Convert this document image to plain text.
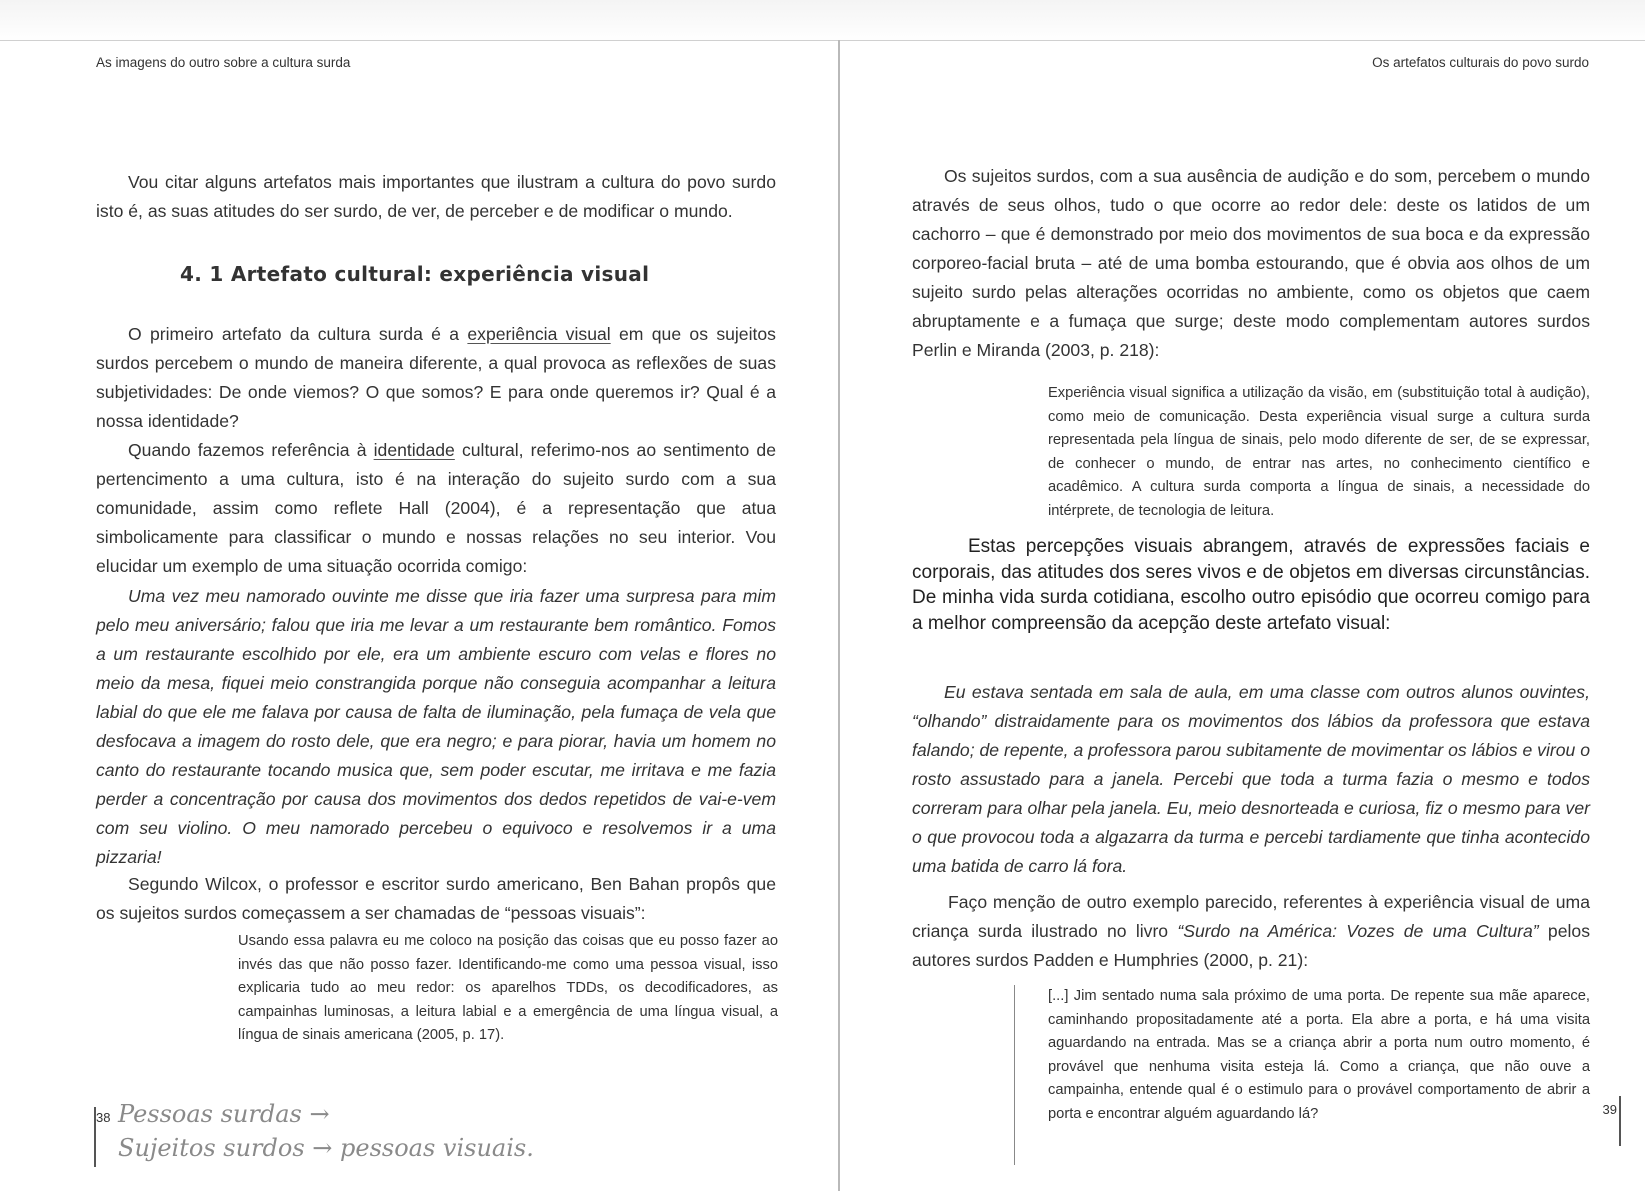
As imagens do outro sobre a cultura surda

Vou citar alguns artefatos mais importantes que ilustram a cultura do povo surdo isto é, as suas atitudes do ser surdo, de ver, de perceber e de modificar o mundo.

4. 1 Artefato cultural: experiência visual

O primeiro artefato da cultura surda é a experiência visual em que os sujeitos surdos percebem o mundo de maneira diferente, a qual provoca as reflexões de suas subjetividades: De onde viemos? O que somos? E para onde queremos ir? Qual é a nossa identidade?

Quando fazemos referência à identidade cultural, referimo-nos ao sentimento de pertencimento a uma cultura, isto é na interação do sujeito surdo com a sua comunidade, assim como reflete Hall (2004), é a representação que atua simbolicamente para classificar o mundo e nossas relações no seu interior. Vou elucidar um exemplo de uma situação ocorrida comigo:

Uma vez meu namorado ouvinte me disse que iria fazer uma surpresa para mim pelo meu aniversário; falou que iria me levar a um restaurante bem romântico. Fomos a um restaurante escolhido por ele, era um ambiente escuro com velas e flores no meio da mesa, fiquei meio constrangida porque não conseguia acompanhar a leitura labial do que ele me falava por causa de falta de iluminação, pela fumaça de vela que desfocava a imagem do rosto dele, que era negro; e para piorar, havia um homem no canto do restaurante tocando musica que, sem poder escutar, me irritava e me fazia perder a concentração por causa dos movimentos dos dedos repetidos de vai-e-vem com seu violino. O meu namorado percebeu o equivoco e resolvemos ir a uma pizzaria!

Segundo Wilcox, o professor e escritor surdo americano, Ben Bahan propôs que os sujeitos surdos começassem a ser chamadas de “pessoas visuais”:

Usando essa palavra eu me coloco na posição das coisas que eu posso fazer ao invés das que não posso fazer. Identificando-me como uma pessoa visual, isso explicaria tudo ao meu redor: os aparelhos TDDs, os decodificadores, as campainhas luminosas, a leitura labial e a emergência de uma língua visual, a língua de sinais americana (2005, p. 17).

38 Pessoas surdas →
Sujeitos surdos → pessoas visuais.
Os artefatos culturais do povo surdo

Os sujeitos surdos, com a sua ausência de audição e do som, percebem o mundo através de seus olhos, tudo o que ocorre ao redor dele: deste os latidos de um cachorro – que é demonstrado por meio dos movimentos de sua boca e da expressão corporeo-facial bruta – até de uma bomba estourando, que é obvia aos olhos de um sujeito surdo pelas alterações ocorridas no ambiente, como os objetos que caem abruptamente e a fumaça que surge; deste modo complementam autores surdos Perlin e Miranda (2003, p. 218):

Experiência visual significa a utilização da visão, em (substituição total à audição), como meio de comunicação. Desta experiência visual surge a cultura surda representada pela língua de sinais, pelo modo diferente de ser, de se expressar, de conhecer o mundo, de entrar nas artes, no conhecimento científico e acadêmico. A cultura surda comporta a língua de sinais, a necessidade do intérprete, de tecnologia de leitura.

Estas percepções visuais abrangem, através de expressões faciais e corporais, das atitudes dos seres vivos e de objetos em diversas circunstâncias. De minha vida surda cotidiana, escolho outro episódio que ocorreu comigo para a melhor compreensão da acepção deste artefato visual:

Eu estava sentada em sala de aula, em uma classe com outros alunos ouvintes, “olhando” distraidamente para os movimentos dos lábios da professora que estava falando; de repente, a professora parou subitamente de movimentar os lábios e virou o rosto assustado para a janela. Percebi que toda a turma fazia o mesmo e todos correram para olhar pela janela. Eu, meio desnorteada e curiosa, fiz o mesmo para ver o que provocou toda a algazarra da turma e percebi tardiamente que tinha acontecido uma batida de carro lá fora.

Faço menção de outro exemplo parecido, referentes à experiência visual de uma criança surda ilustrado no livro “Surdo na América: Vozes de uma Cultura” pelos autores surdos Padden e Humphries (2000, p. 21):

[...] Jim sentado numa sala próximo de uma porta. De repente sua mãe aparece, caminhando propositadamente até a porta. Ela abre a porta, e há uma visita aguardando na entrada. Mas se a criança abrir a porta num outro momento, é provável que nenhuma visita esteja lá. Como a criança, que não ouve a campainha, entende qual é o estimulo para o provável comportamento de abrir a porta e encontrar alguém aguardando lá?	39
